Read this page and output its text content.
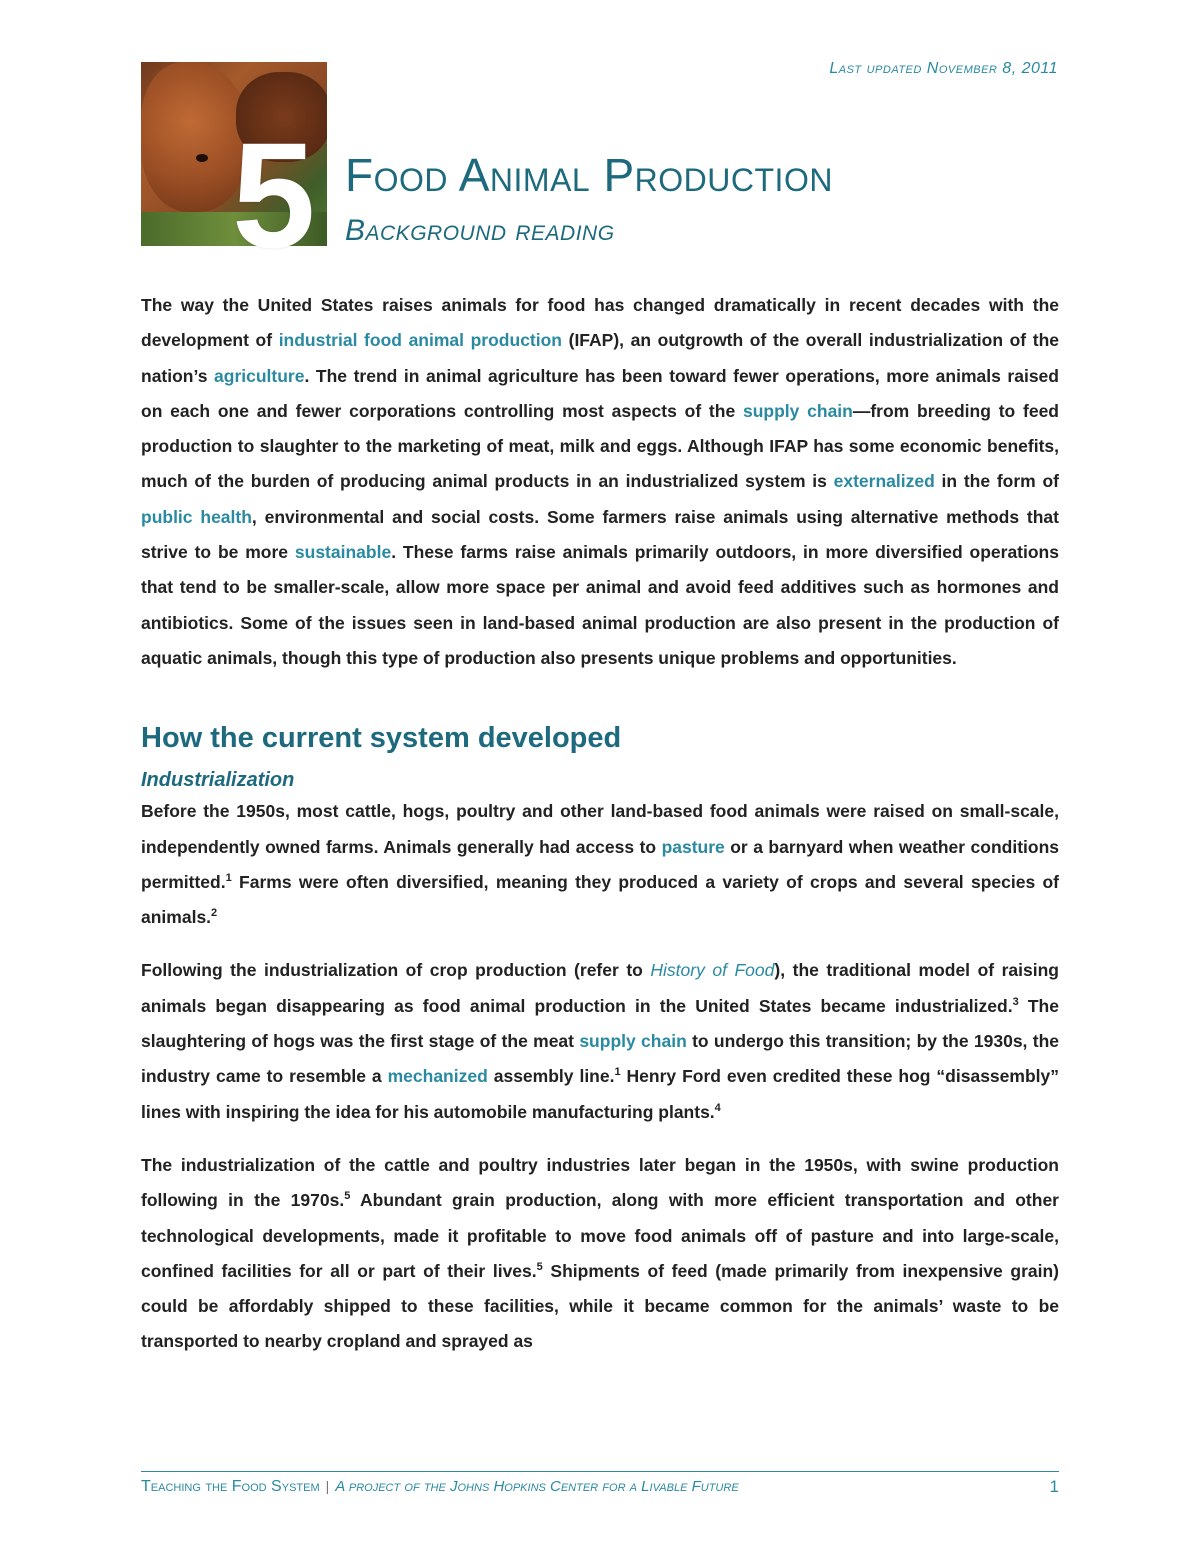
Last updated November 8, 2011
5 Food Animal Production
Background reading

The way the United States raises animals for food has changed dramatically in recent decades with the development of industrial food animal production (IFAP), an outgrowth of the overall industrialization of the nation’s agriculture. The trend in animal agriculture has been toward fewer operations, more animals raised on each one and fewer corporations controlling most aspects of the supply chain—from breeding to feed production to slaughter to the marketing of meat, milk and eggs. Although IFAP has some economic benefits, much of the burden of producing animal products in an industrialized system is externalized in the form of public health, environmental and social costs. Some farmers raise animals using alternative methods that strive to be more sustainable. These farms raise animals primarily outdoors, in more diversified operations that tend to be smaller-scale, allow more space per animal and avoid feed additives such as hormones and antibiotics. Some of the issues seen in land-based animal production are also present in the production of aquatic animals, though this type of production also presents unique problems and opportunities.

How the current system developed
Industrialization

Before the 1950s, most cattle, hogs, poultry and other land-based food animals were raised on small-scale, independently owned farms. Animals generally had access to pasture or a barnyard when weather conditions permitted.$^1$ Farms were often diversified, meaning they produced a variety of crops and several species of animals.$^2$

Following the industrialization of crop production (refer to History of Food), the traditional model of raising animals began disappearing as food animal production in the United States became industrialized.$^3$ The slaughtering of hogs was the first stage of the meat supply chain to undergo this transition; by the 1930s, the industry came to resemble a mechanized assembly line.$^1$ Henry Ford even credited these hog “disassembly” lines with inspiring the idea for his automobile manufacturing plants.$^4$

The industrialization of the cattle and poultry industries later began in the 1950s, with swine production following in the 1970s.$^5$ Abundant grain production, along with more efficient transportation and other technological developments, made it profitable to move food animals off of pasture and into large-scale, confined facilities for all or part of their lives.$^5$ Shipments of feed (made primarily from inexpensive grain) could be affordably shipped to these facilities, while it became common for the animals’ waste to be transported to nearby cropland and sprayed as

Teaching the Food System | A project of the Johns Hopkins Center for a Livable Future	1
